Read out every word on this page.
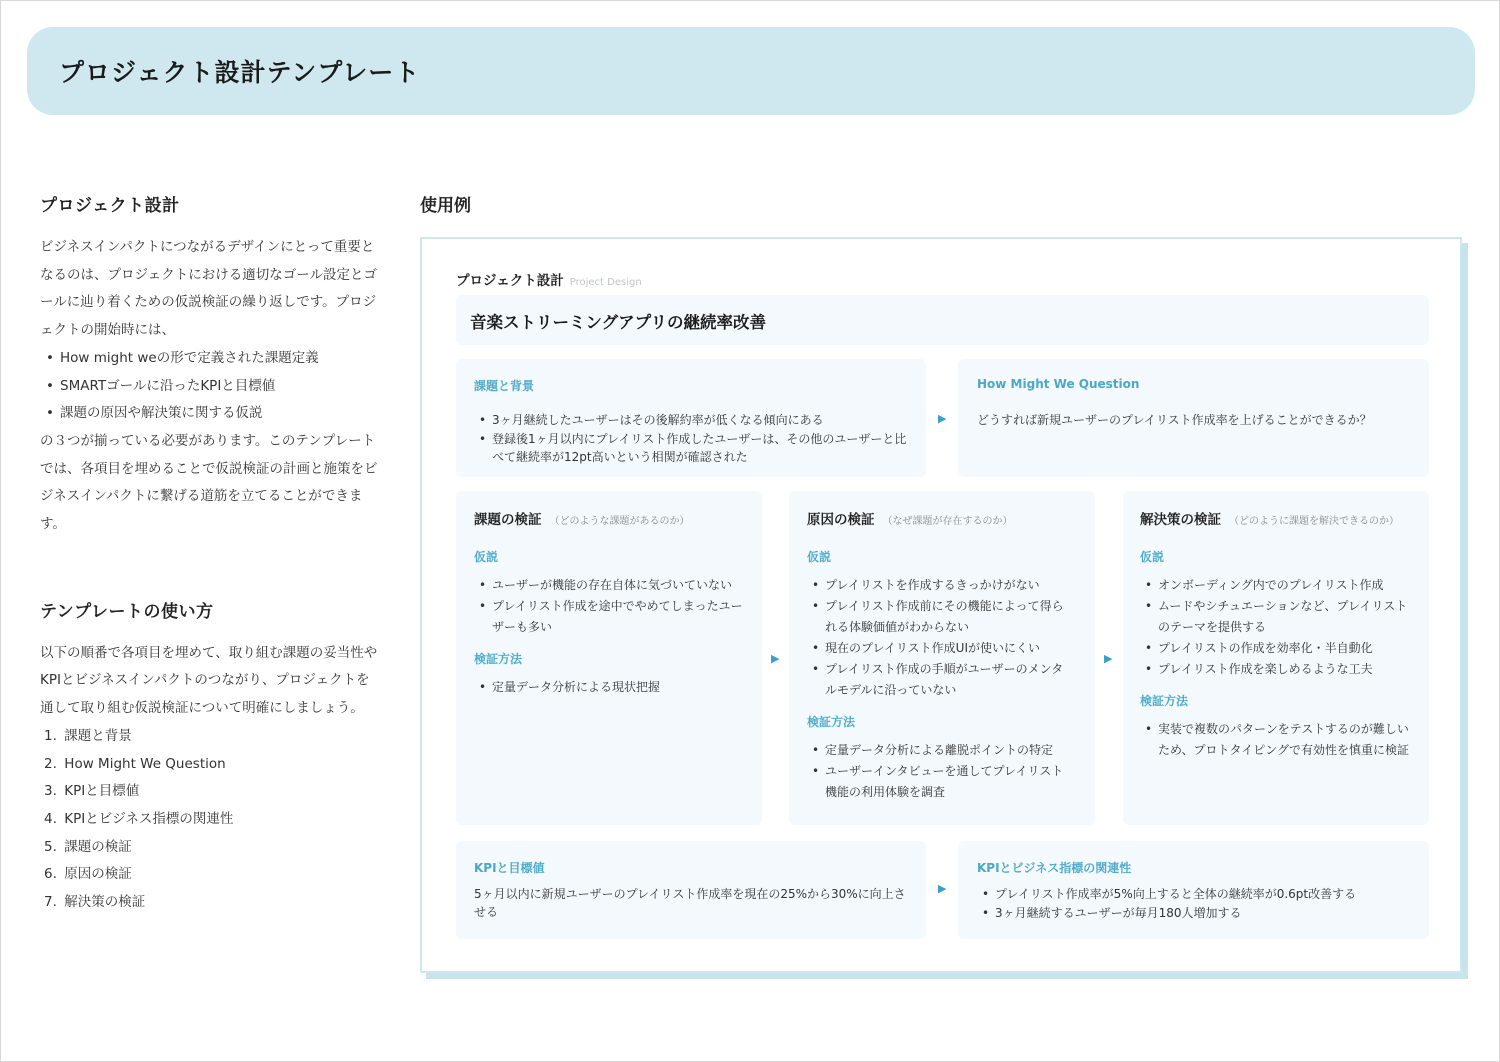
プロジェクト設計テンプレート
プロジェクト設計
ビジネスインパクトにつながるデザインにとって重要となるのは、プロジェクトにおける適切なゴール設定とゴールに辿り着くための仮説検証の繰り返しです。プロジェクトの開始時には、
• How might weの形で定義された課題定義
• SMARTゴールに沿ったKPIと目標値
• 課題の原因や解決策に関する仮説
の３つが揃っている必要があります。このテンプレートでは、各項目を埋めることで仮説検証の計画と施策をビジネスインパクトに繋げる道筋を立てることができます。
テンプレートの使い方
以下の順番で各項目を埋めて、取り組む課題の妥当性やKPIとビジネスインパクトのつながり、プロジェクトを通して取り組む仮説検証について明確にしましょう。
1. 課題と背景
2. How Might We Question
3. KPIと目標値
4. KPIとビジネス指標の関連性
5. 課題の検証
6. 原因の検証
7. 解決策の検証
使用例
プロジェクト設計 Project Design
音楽ストリーミングアプリの継続率改善
課題と背景
• 3ヶ月継続したユーザーはその後解約率が低くなる傾向にある
• 登録後1ヶ月以内にプレイリスト作成したユーザーは、その他のユーザーと比べて継続率が12pt高いという相関が確認された
▶
How Might We Question
どうすれば新規ユーザーのプレイリスト作成率を上げることができるか？
課題の検証 （どのような課題があるのか）
仮説
• ユーザーが機能の存在自体に気づいていない
• プレイリスト作成を途中でやめてしまったユーザーも多い
検証方法
• 定量データ分析による現状把握
▶
原因の検証 （なぜ課題が存在するのか）
仮説
• プレイリストを作成するきっかけがない
• プレイリスト作成前にその機能によって得られる体験価値がわからない
• 現在のプレイリスト作成UIが使いにくい
• プレイリスト作成の手順がユーザーのメンタルモデルに沿っていない
検証方法
• 定量データ分析による離脱ポイントの特定
• ユーザーインタビューを通してプレイリスト機能の利用体験を調査
▶
解決策の検証 （どのように課題を解決できるのか）
仮説
• オンボーディング内でのプレイリスト作成
• ムードやシチュエーションなど、プレイリストのテーマを提供する
• プレイリストの作成を効率化・半自動化
• プレイリスト作成を楽しめるような工夫
検証方法
• 実装で複数のパターンをテストするのが難しいため、プロトタイピングで有効性を慎重に検証
KPIと目標値
5ヶ月以内に新規ユーザーのプレイリスト作成率を現在の25%から30%に向上させる
▶
KPIとビジネス指標の関連性
• プレイリスト作成率が5%向上すると全体の継続率が0.6pt改善する
• 3ヶ月継続するユーザーが毎月180人増加する
